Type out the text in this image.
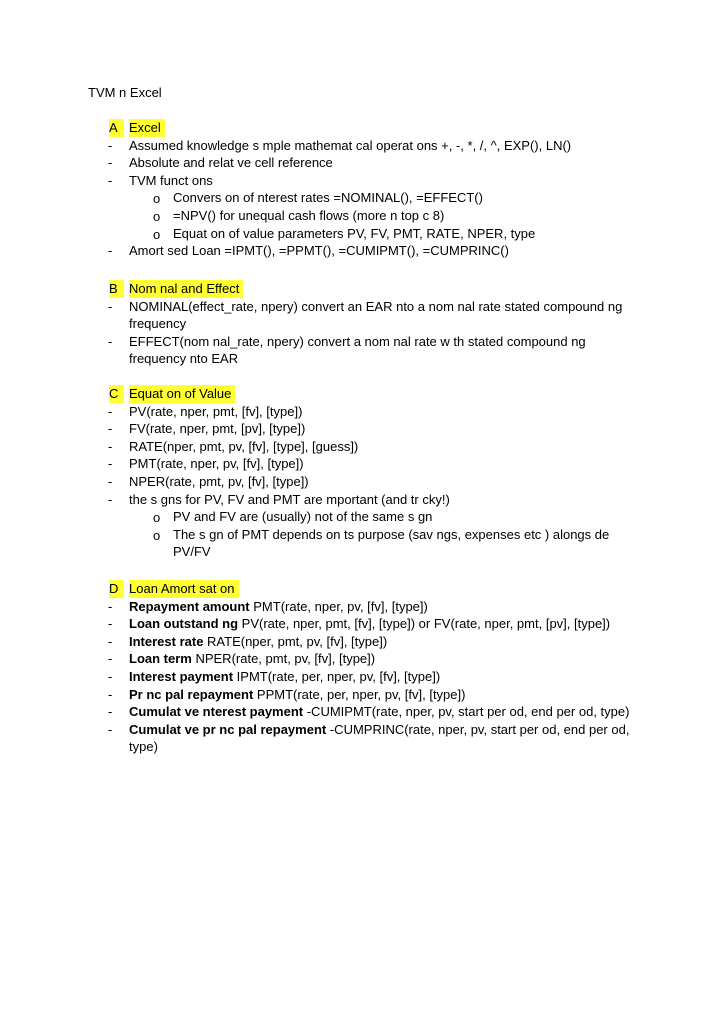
TVM n Excel
A Excel
- Assumed knowledge s mple mathemat cal operat ons +, -, *, /, ^, EXP(), LN()
- Absolute and relat ve cell reference
- TVM funct ons
o Convers on of nterest rates =NOMINAL(), =EFFECT()
o =NPV() for unequal cash flows (more n top c 8)
o Equat on of value parameters PV, FV, PMT, RATE, NPER, type
- Amort sed Loan =IPMT(), =PPMT(), =CUMIPMT(), =CUMPRINC()
B Nom nal and Effect
- NOMINAL(effect_rate, npery) convert an EAR nto a nom nal rate stated compound ng frequency
- EFFECT(nom nal_rate, npery) convert a nom nal rate w th stated compound ng frequency nto EAR
C Equat on of Value
- PV(rate, nper, pmt, [fv], [type])
- FV(rate, nper, pmt, [pv], [type])
- RATE(nper, pmt, pv, [fv], [type], [guess])
- PMT(rate, nper, pv, [fv], [type])
- NPER(rate, pmt, pv, [fv], [type])
- the s gns for PV, FV and PMT are mportant (and tr cky!)
o PV and FV are (usually) not of the same s gn
o The s gn of PMT depends on ts purpose (sav ngs, expenses etc ) alongs de PV/FV
D Loan Amort sat on
- Repayment amount PMT(rate, nper, pv, [fv], [type])
- Loan outstand ng PV(rate, nper, pmt, [fv], [type]) or FV(rate, nper, pmt, [pv], [type])
- Interest rate RATE(nper, pmt, pv, [fv], [type])
- Loan term NPER(rate, pmt, pv, [fv], [type])
- Interest payment IPMT(rate, per, nper, pv, [fv], [type])
- Pr nc pal repayment PPMT(rate, per, nper, pv, [fv], [type])
- Cumulat ve nterest payment -CUMIPMT(rate, nper, pv, start per od, end per od, type)
- Cumulat ve pr nc pal repayment -CUMPRINC(rate, nper, pv, start per od, end per od, type)
